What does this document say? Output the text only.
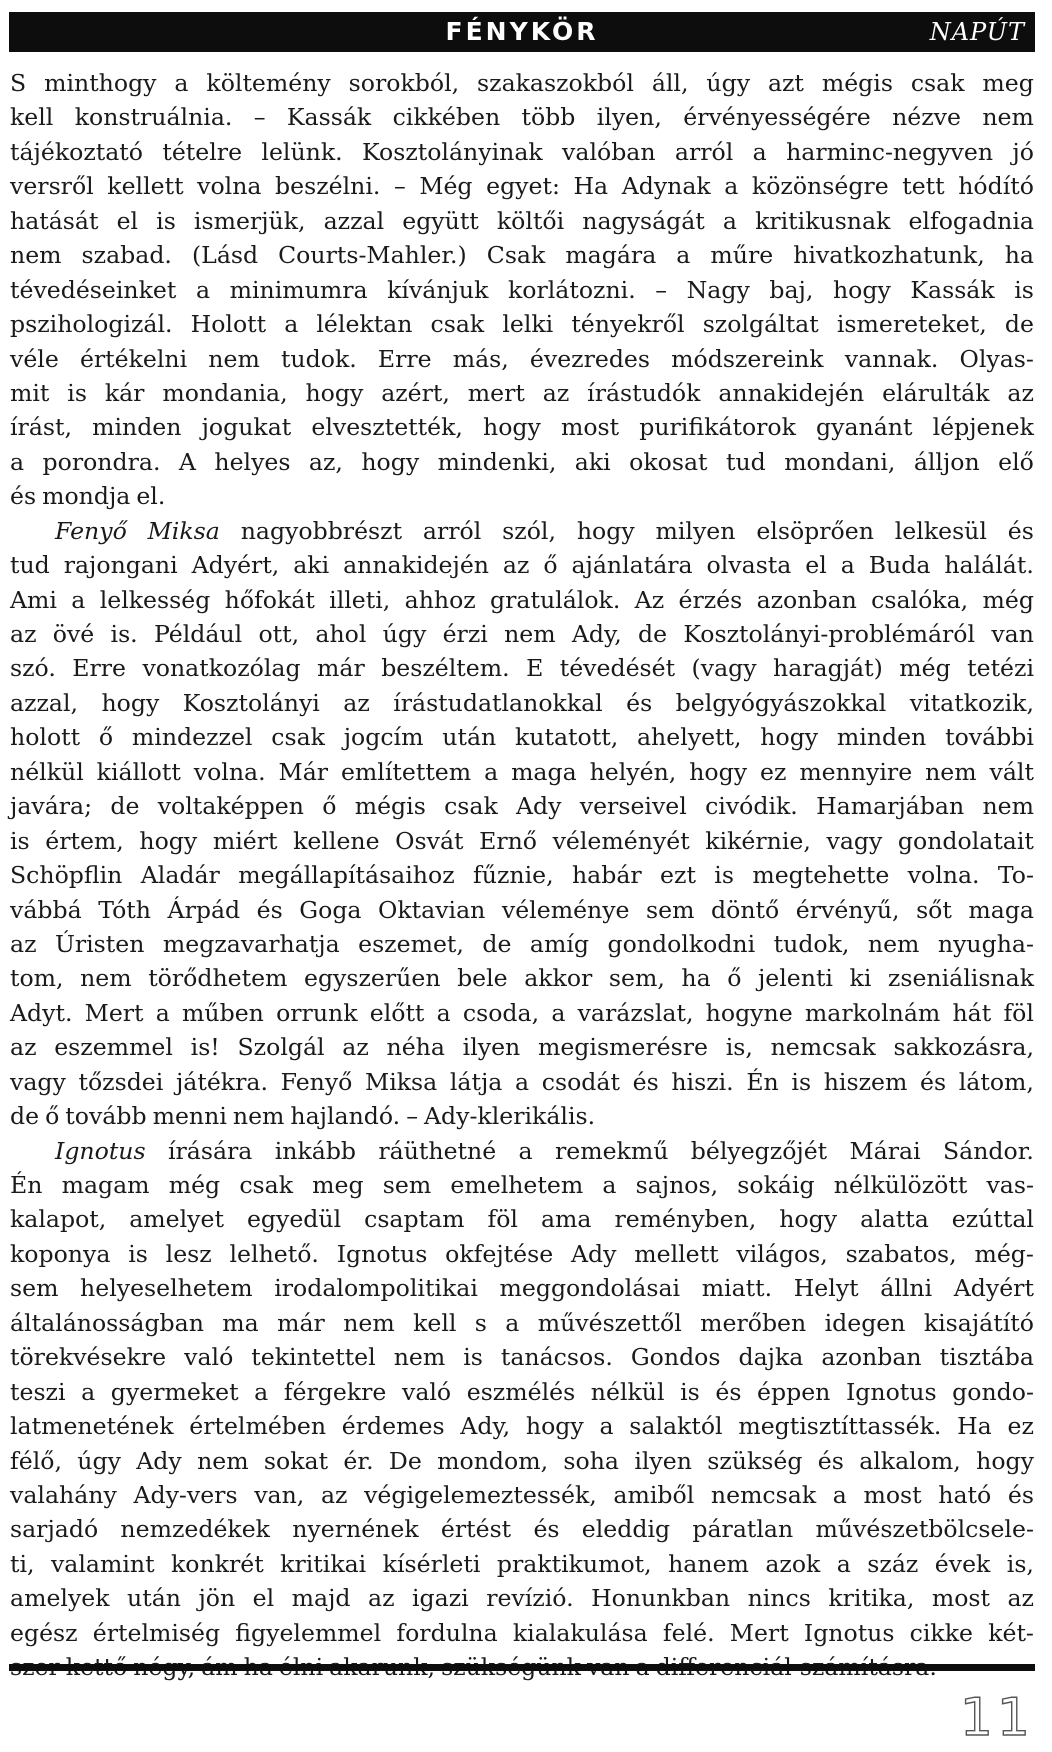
FÉNYKÖR	NAPÚT
S minthogy a költemény sorokból, szakaszokból áll, úgy azt mégis csak meg
kell konstruálnia. – Kassák cikkében több ilyen, érvényességére nézve nem
tájékoztató tételre lelünk. Kosztolányinak valóban arról a harminc-negyven jó
versről kellett volna beszélni. – Még egyet: Ha Adynak a közönségre tett hódító
hatását el is ismerjük, azzal együtt költői nagyságát a kritikusnak elfogadnia
nem szabad. (Lásd Courts-Mahler.) Csak magára a műre hivatkozhatunk, ha
tévedéseinket a minimumra kívánjuk korlátozni. – Nagy baj, hogy Kassák is
pszihologizál. Holott a lélektan csak lelki tényekről szolgáltat ismereteket, de
véle értékelni nem tudok. Erre más, évezredes módszereink vannak. Olyas-
mit is kár mondania, hogy azért, mert az írástudók annakidején elárulták az
írást, minden jogukat elvesztették, hogy most purifikátorok gyanánt lépjenek
a porondra. A helyes az, hogy mindenki, aki okosat tud mondani, álljon elő
és mondja el.
Fenyő Miksa nagyobbrészt arról szól, hogy milyen elsöprően lelkesül és
tud rajongani Adyért, aki annakidején az ő ajánlatára olvasta el a Buda halálát.
Ami a lelkesség hőfokát illeti, ahhoz gratulálok. Az érzés azonban csalóka, még
az övé is. Például ott, ahol úgy érzi nem Ady, de Kosztolányi-problémáról van
szó. Erre vonatkozólag már beszéltem. E tévedését (vagy haragját) még tetézi
azzal, hogy Kosztolányi az írástudatlanokkal és belgyógyászokkal vitatkozik,
holott ő mindezzel csak jogcím után kutatott, ahelyett, hogy minden további
nélkül kiállott volna. Már említettem a maga helyén, hogy ez mennyire nem vált
javára; de voltaképpen ő mégis csak Ady verseivel civódik. Hamarjában nem
is értem, hogy miért kellene Osvát Ernő véleményét kikérnie, vagy gondolatait
Schöpflin Aladár megállapításaihoz fűznie, habár ezt is megtehette volna. To-
vábbá Tóth Árpád és Goga Oktavian véleménye sem döntő érvényű, sőt maga
az Úristen megzavarhatja eszemet, de amíg gondolkodni tudok, nem nyugha-
tom, nem törődhetem egyszerűen bele akkor sem, ha ő jelenti ki zseniálisnak
Adyt. Mert a műben orrunk előtt a csoda, a varázslat, hogyne markolnám hát föl
az eszemmel is! Szolgál az néha ilyen megismerésre is, nemcsak sakkozásra,
vagy tőzsdei játékra. Fenyő Miksa látja a csodát és hiszi. Én is hiszem és látom,
de ő tovább menni nem hajlandó. – Ady-klerikális.
Ignotus írására inkább ráüthetné a remekmű bélyegzőjét Márai Sándor.
Én magam még csak meg sem emelhetem a sajnos, sokáig nélkülözött vas-
kalapot, amelyet egyedül csaptam föl ama reményben, hogy alatta ezúttal
koponya is lesz lelhető. Ignotus okfejtése Ady mellett világos, szabatos, még-
sem helyeselhetem irodalompolitikai meggondolásai miatt. Helyt állni Adyért
általánosságban ma már nem kell s a művészettől merőben idegen kisajátító
törekvésekre való tekintettel nem is tanácsos. Gondos dajka azonban tisztába
teszi a gyermeket a férgekre való eszmélés nélkül is és éppen Ignotus gondo-
latmenetének értelmében érdemes Ady, hogy a salaktól megtisztíttassék. Ha ez
félő, úgy Ady nem sokat ér. De mondom, soha ilyen szükség és alkalom, hogy
valahány Ady-vers van, az végigelemeztessék, amiből nemcsak a most ható és
sarjadó nemzedékek nyernének értést és eleddig páratlan művészetbölcsele-
ti, valamint konkrét kritikai kísérleti praktikumot, hanem azok a száz évek is,
amelyek után jön el majd az igazi revízió. Honunkban nincs kritika, most az
egész értelmiség figyelemmel fordulna kialakulása felé. Mert Ignotus cikke két-
11
